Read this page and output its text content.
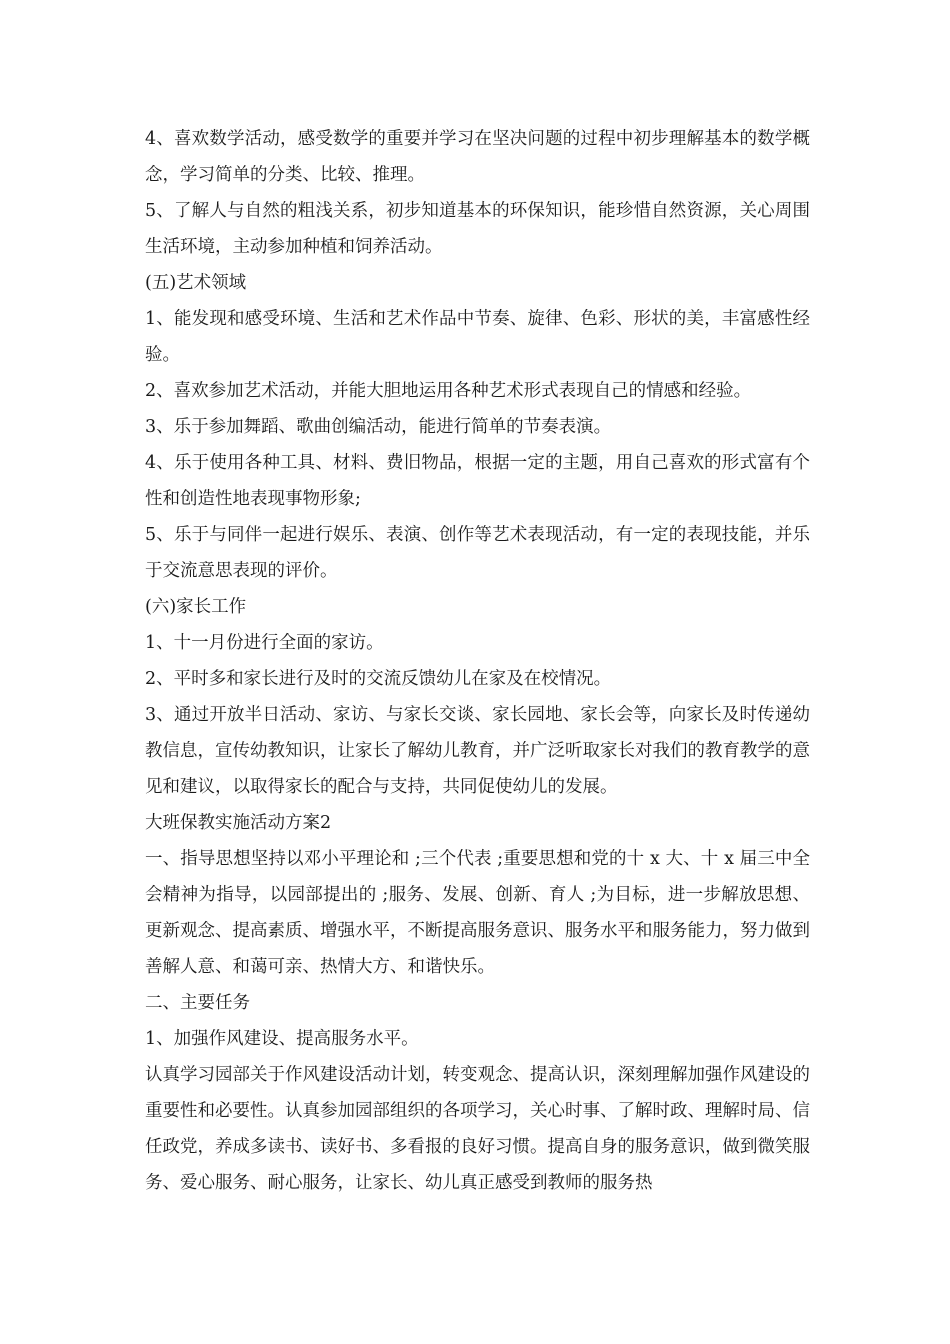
4、喜欢数学活动，感受数学的重要并学习在坚决问题的过程中初步理解基本的数学概念，学习简单的分类、比较、推理。

5、了解人与自然的粗浅关系，初步知道基本的环保知识，能珍惜自然资源，关心周围生活环境，主动参加种植和饲养活动。

(五)艺术领域

1、能发现和感受环境、生活和艺术作品中节奏、旋律、色彩、形状的美，丰富感性经验。

2、喜欢参加艺术活动，并能大胆地运用各种艺术形式表现自己的情感和经验。

3、乐于参加舞蹈、歌曲创编活动，能进行简单的节奏表演。

4、乐于使用各种工具、材料、费旧物品，根据一定的主题，用自己喜欢的形式富有个性和创造性地表现事物形象;

5、乐于与同伴一起进行娱乐、表演、创作等艺术表现活动，有一定的表现技能，并乐于交流意思表现的评价。

(六)家长工作

1、十一月份进行全面的家访。

2、平时多和家长进行及时的交流反馈幼儿在家及在校情况。

3、通过开放半日活动、家访、与家长交谈、家长园地、家长会等，向家长及时传递幼教信息，宣传幼教知识，让家长了解幼儿教育，并广泛听取家长对我们的教育教学的意见和建议，以取得家长的配合与支持，共同促使幼儿的发展。

大班保教实施活动方案2

一、指导思想坚持以邓小平理论和 ;三个代表 ;重要思想和党的十 x 大、十 x 届三中全会精神为指导，以园部提出的 ;服务、发展、创新、育人 ;为目标，进一步解放思想、更新观念、提高素质、增强水平，不断提高服务意识、服务水平和服务能力，努力做到善解人意、和蔼可亲、热情大方、和谐快乐。

二、主要任务

1、加强作风建设、提高服务水平。

认真学习园部关于作风建设活动计划，转变观念、提高认识，深刻理解加强作风建设的重要性和必要性。认真参加园部组织的各项学习，关心时事、了解时政、理解时局、信任政党，养成多读书、读好书、多看报的良好习惯。提高自身的服务意识，做到微笑服务、爱心服务、耐心服务，让家长、幼儿真正感受到教师的服务热
